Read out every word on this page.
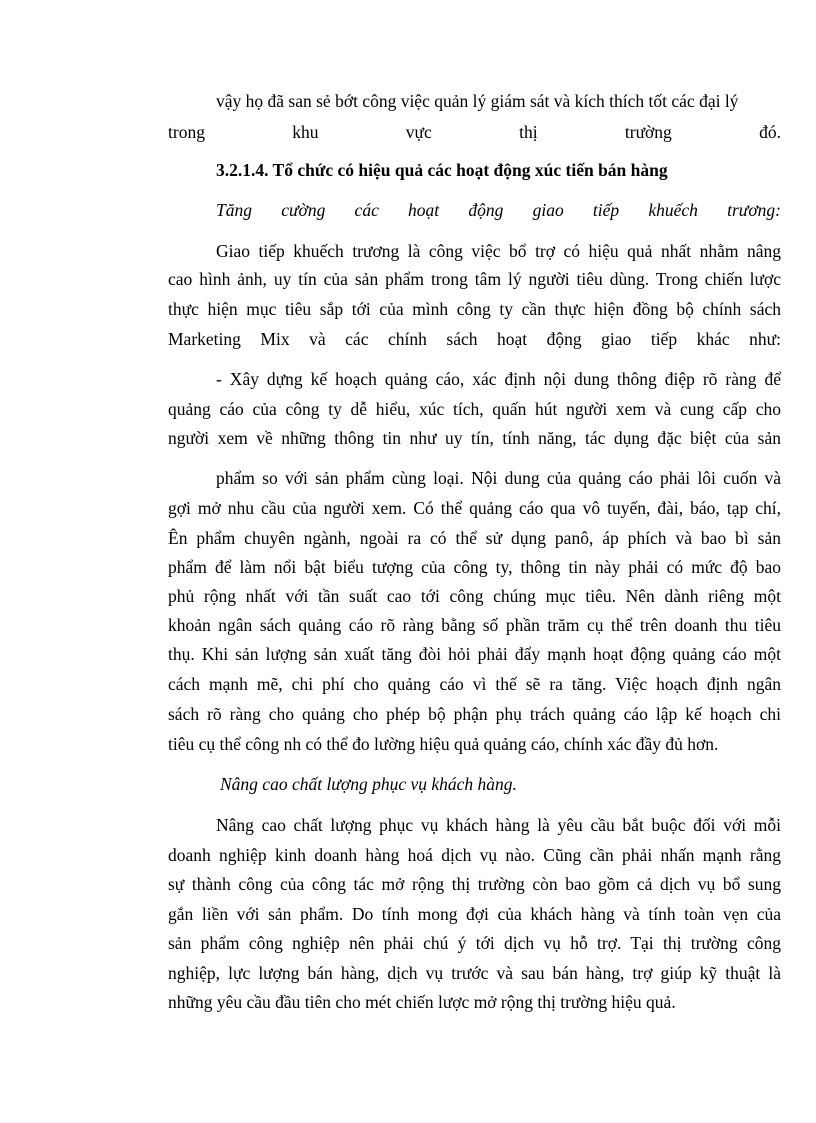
vậy họ đã san sẻ bớt công việc quản lý giám sát và kích thích tốt các đại lý
trong khu vực thị trường đó.
3.2.1.4. Tổ chức có hiệu quả các hoạt động xúc tiến bán hàng
Tăng cường các hoạt động giao tiếp khuếch trương:
Giao tiếp khuếch trương là công việc bổ trợ có hiệu quả nhất nhằm nâng
cao hình ảnh, uy tín của sản phẩm trong tâm lý người tiêu dùng. Trong chiến lược
thực hiện mục tiêu sắp tới của mình công ty cần thực hiện đồng bộ chính sách
Marketing Mix và các chính sách hoạt động giao tiếp khác như:
- Xây dựng kế hoạch quảng cáo, xác định nội dung thông điệp rõ ràng để
quảng cáo của công ty dễ hiểu, xúc tích, quấn hút người xem và cung cấp cho
người xem về những thông tin như uy tín, tính năng, tác dụng đặc biệt của sản
phẩm so với sản phẩm cùng loại. Nội dung của quảng cáo phải lôi cuốn và
gợi mở nhu cầu của người xem. Có thể quảng cáo qua vô tuyến, đài, báo, tạp chí,
Ên phẩm chuyên ngành, ngoài ra có thể sử dụng panô, áp phích và bao bì sản
phẩm để làm nổi bật biểu tượng của công ty, thông tin này phải có mức độ bao
phủ rộng nhất với tần suất cao tới công chúng mục tiêu. Nên dành riêng một
khoản ngân sách quảng cáo rõ ràng bằng số phần trăm cụ thể trên doanh thu tiêu
thụ. Khi sản lượng sản xuất tăng đòi hỏi phải đẩy mạnh hoạt động quảng cáo một
cách mạnh mẽ, chi phí cho quảng cáo vì thế sẽ ra tăng. Việc hoạch định ngân
sách rõ ràng cho quảng cho phép bộ phận phụ trách quảng cáo lập kế hoạch chi
tiêu cụ thể công nh có thể đo lường hiệu quả quảng cáo, chính xác đầy đủ hơn.
Nâng cao chất lượng phục vụ khách hàng.
Nâng cao chất lượng phục vụ khách hàng là yêu cầu bắt buộc đối với mỗi
doanh nghiệp kinh doanh hàng hoá dịch vụ nào. Cũng cần phải nhấn mạnh rằng
sự thành công của công tác mở rộng thị trường còn bao gồm cả dịch vụ bổ sung
gắn liền với sản phẩm. Do tính mong đợi của khách hàng và tính toàn vẹn của
sản phẩm công nghiệp nên phải chú ý tới dịch vụ hỗ trợ. Tại thị trường công
nghiệp, lực lượng bán hàng, dịch vụ trước và sau bán hàng, trợ giúp kỹ thuật là
những yêu cầu đầu tiên cho mét chiến lược mở rộng thị trường hiệu quả.
